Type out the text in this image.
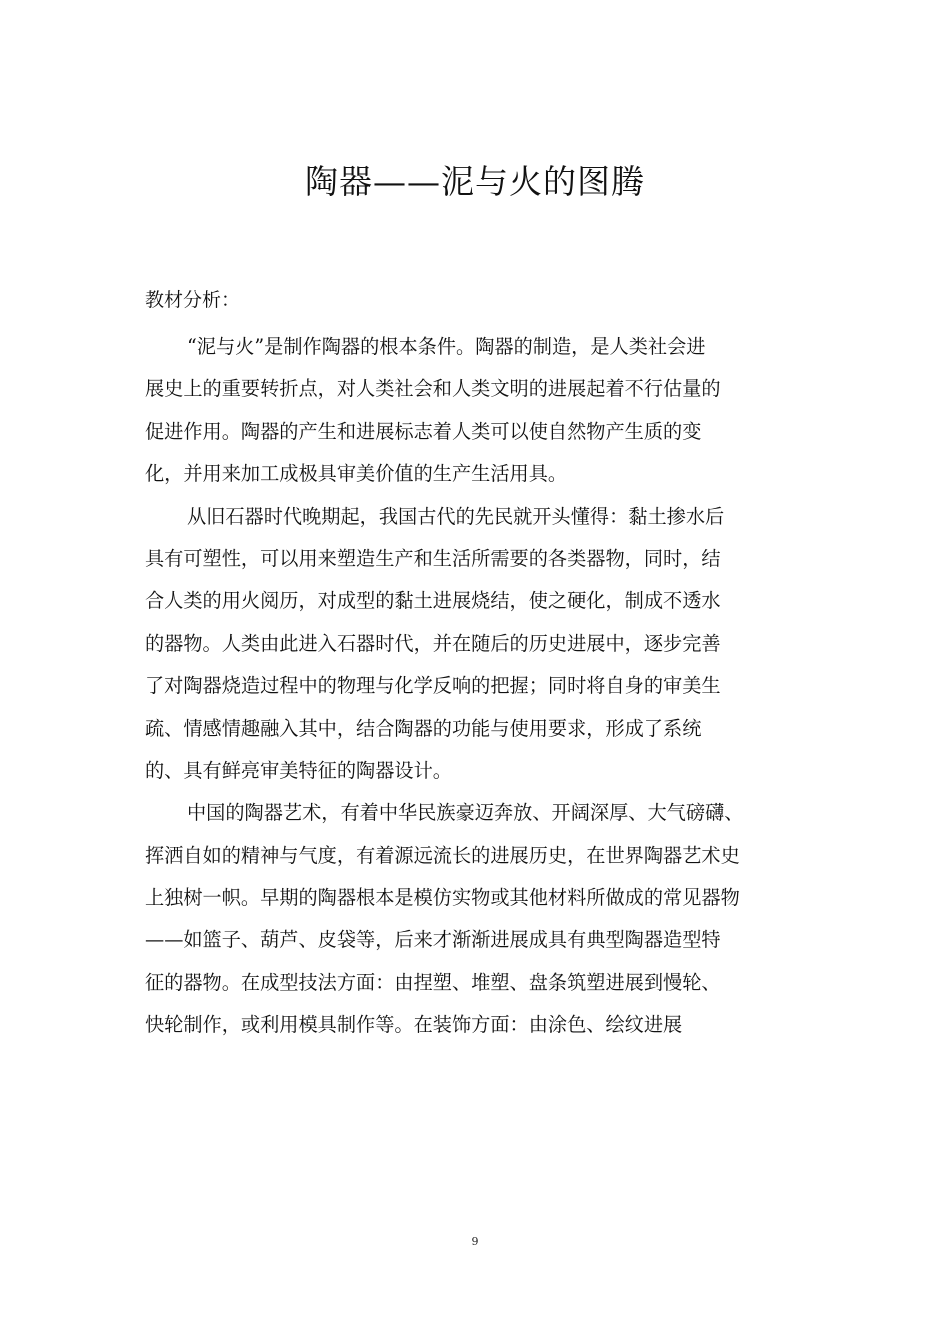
陶器——泥与火的图腾
教材分析：
“泥与火”是制作陶器的根本条件。陶器的制造，是人类社会进
展史上的重要转折点，对人类社会和人类文明的进展起着不行估量的
促进作用。陶器的产生和进展标志着人类可以使自然物产生质的变
化，并用来加工成极具审美价值的生产生活用具。
从旧石器时代晚期起，我国古代的先民就开头懂得：黏土掺水后
具有可塑性，可以用来塑造生产和生活所需要的各类器物，同时，结
合人类的用火阅历，对成型的黏土进展烧结，使之硬化，制成不透水
的器物。人类由此进入石器时代，并在随后的历史进展中，逐步完善
了对陶器烧造过程中的物理与化学反响的把握；同时将自身的审美生
疏、情感情趣融入其中，结合陶器的功能与使用要求，形成了系统
的、具有鲜亮审美特征的陶器设计。
中国的陶器艺术，有着中华民族豪迈奔放、开阔深厚、大气磅礴、
挥洒自如的精神与气度，有着源远流长的进展历史，在世界陶器艺术史
上独树一帜。早期的陶器根本是模仿实物或其他材料所做成的常见器物
——如篮子、葫芦、皮袋等，后来才渐渐进展成具有典型陶器造型特
征的器物。在成型技法方面：由捏塑、堆塑、盘条筑塑进展到慢轮、
快轮制作，或利用模具制作等。在装饰方面：由涂色、绘纹进展
9
